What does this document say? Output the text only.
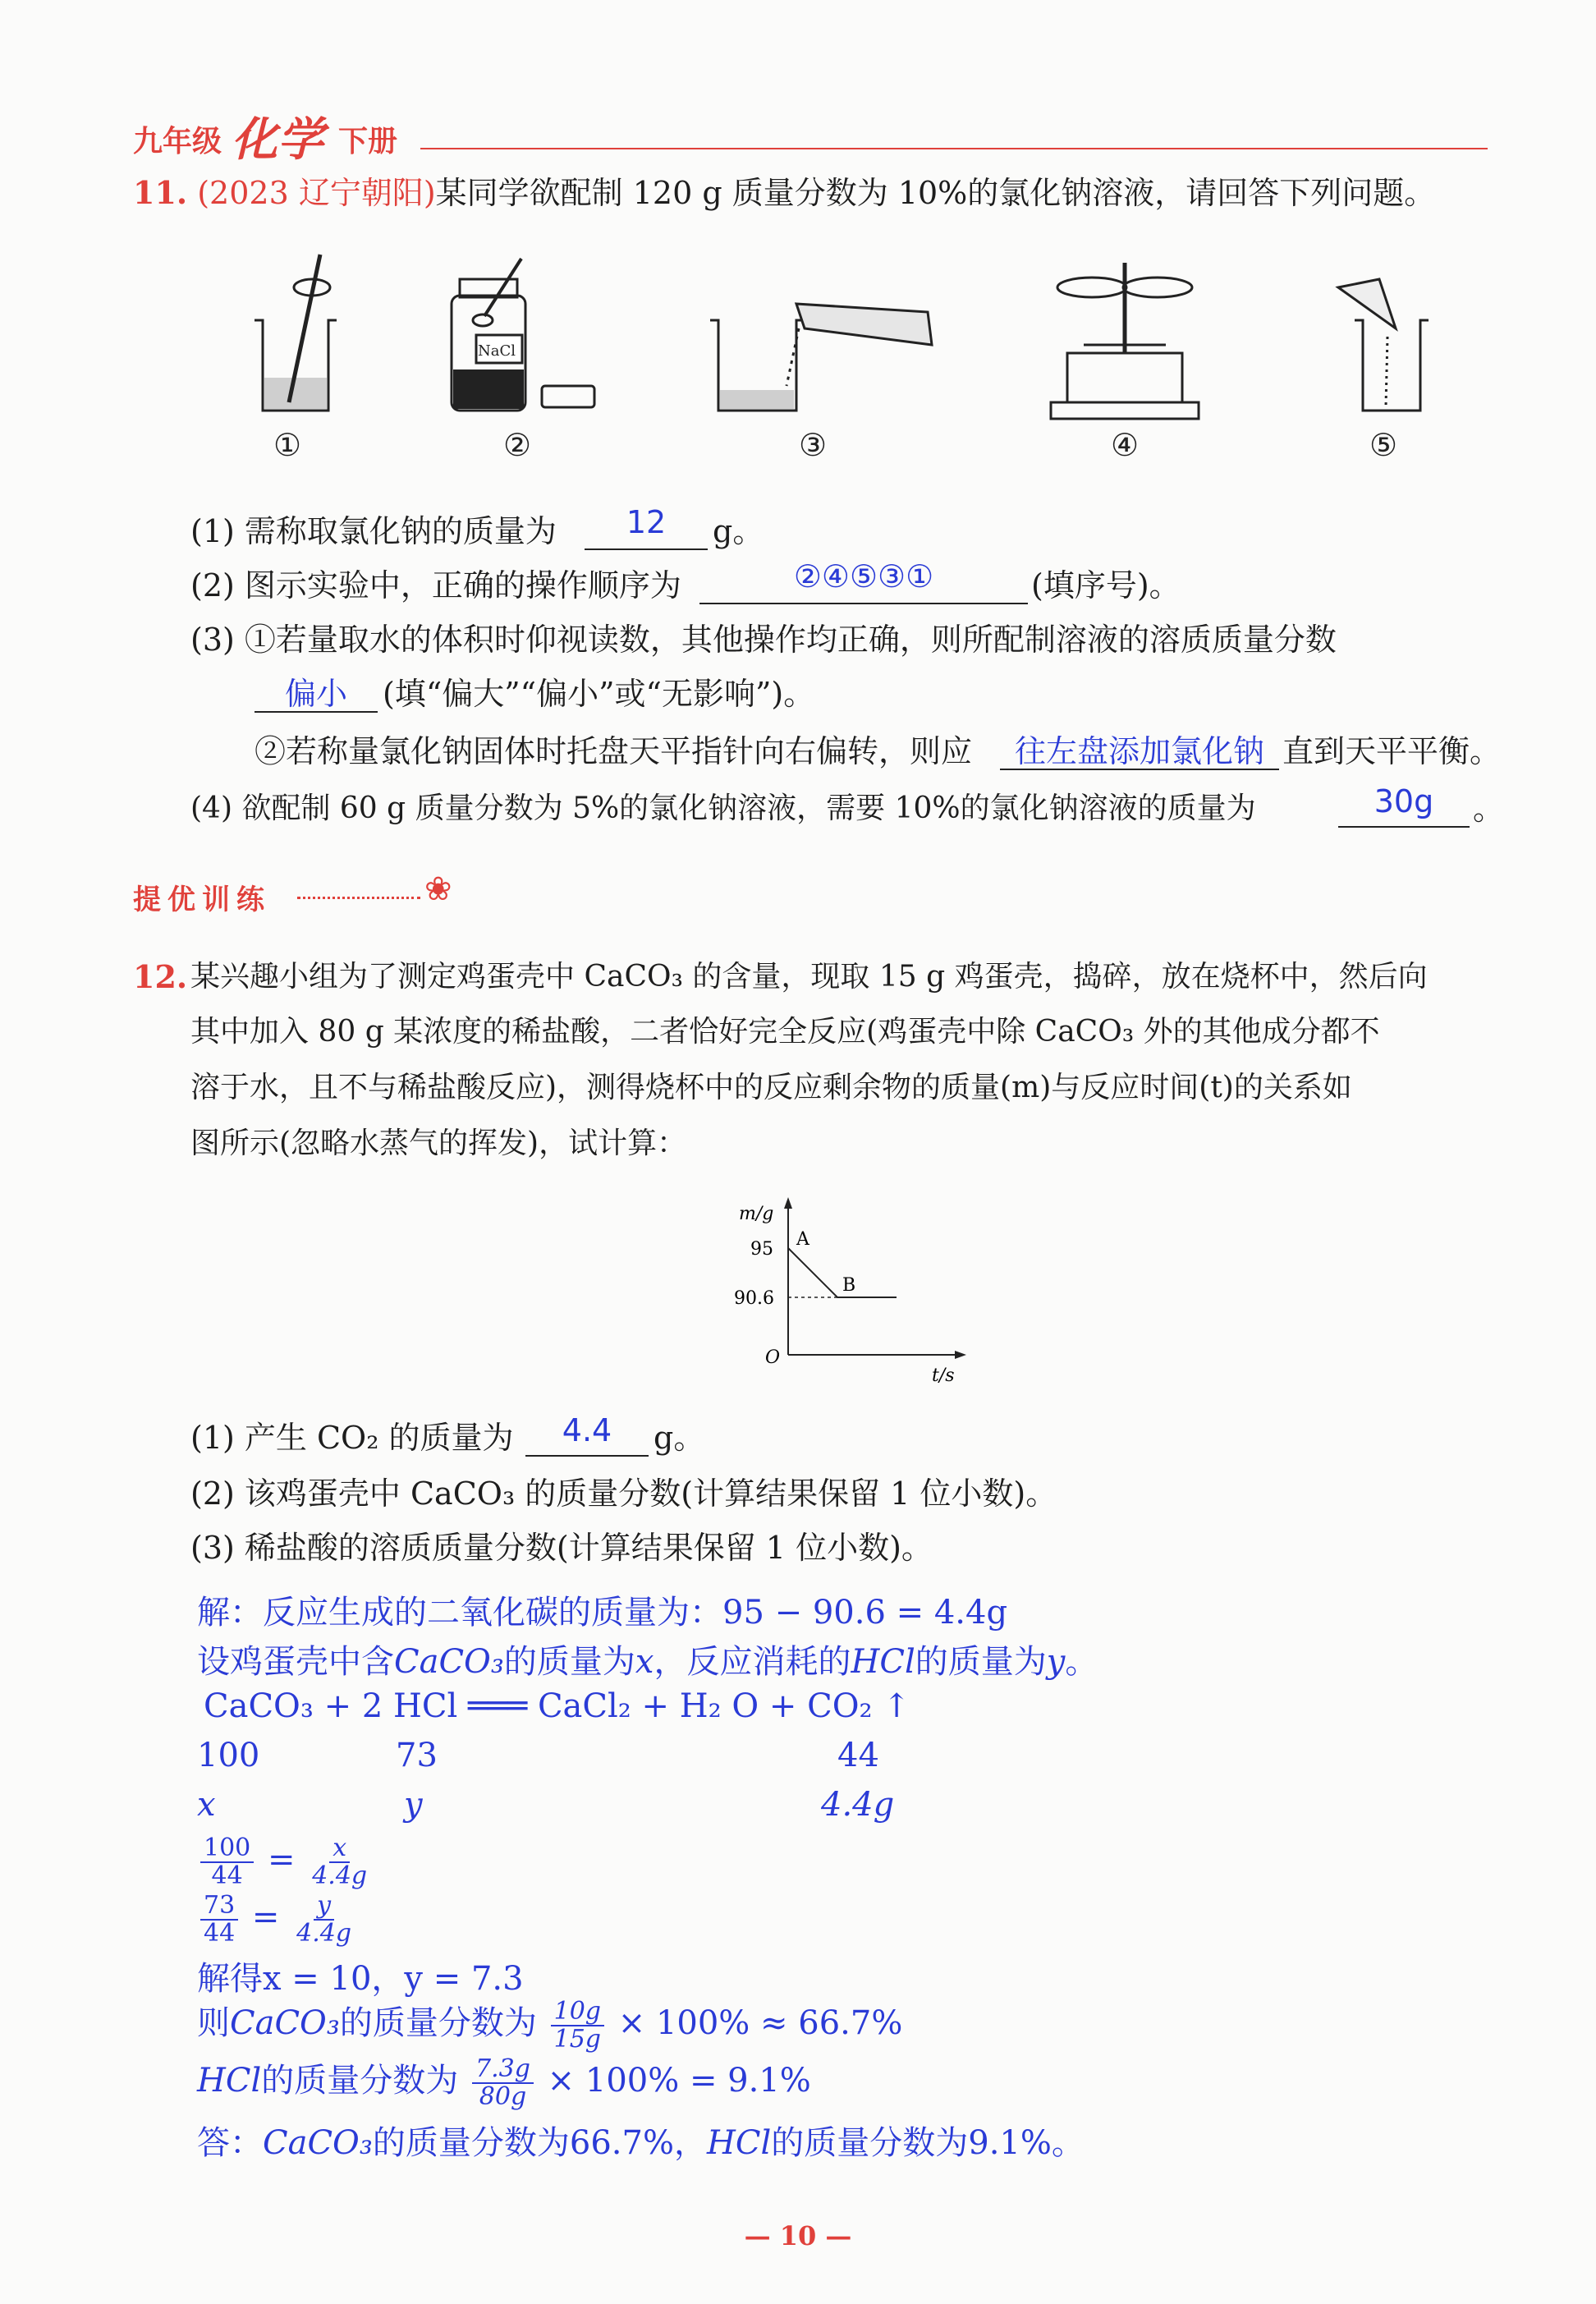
九年级 化学 下册
11. (2023 辽宁朝阳)某同学欲配制 120 g 质量分数为 10%的氯化钠溶液，请回答下列问题。
NaCl
①	②	③	④	⑤
(1) 需称取氯化钠的质量为	12	g。
(2) 图示实验中，正确的操作顺序为	②④⑤③①	(填序号)。
(3) ①若量取水的体积时仰视读数，其他操作均正确，则所配制溶液的溶质质量分数
偏小	(填“偏大”“偏小”或“无影响”)。
②若称量氯化钠固体时托盘天平指针向右偏转，则应	往左盘添加氯化钠 直到天平平衡。
(4) 欲配制 60 g 质量分数为 5%的氯化钠溶液，需要 10%的氯化钠溶液的质量为	30g	。
提优训练	❀
12. 某兴趣小组为了测定鸡蛋壳中 CaCO₃ 的含量，现取 15 g 鸡蛋壳，捣碎，放在烧杯中，然后向
其中加入 80 g 某浓度的稀盐酸，二者恰好完全反应(鸡蛋壳中除 CaCO₃ 外的其他成分都不
溶于水，且不与稀盐酸反应)，测得烧杯中的反应剩余物的质量(m)与反应时间(t)的关系如
图所示(忽略水蒸气的挥发)，试计算：
m/g
t/s
O
95
90.6
A
B
(1) 产生 CO₂ 的质量为	4.4	g。
(2) 该鸡蛋壳中 CaCO₃ 的质量分数(计算结果保留 1 位小数)。
(3) 稀盐酸的溶质质量分数(计算结果保留 1 位小数)。
解：反应生成的二氧化碳的质量为：95 − 90.6 = 4.4g
设鸡蛋壳中含CaCO₃的质量为x，反应消耗的HCl的质量为y。
CaCO₃ + 2 HCl ═══ CaCl₂ + H₂ O + CO₂ ↑
100	73	44
x	y	4.4g
$\frac{100}{44} = \frac{x}{4.4g}$
$\frac{73}{44} = \frac{y}{4.4g}$
解得x = 10，y = 7.3
则CaCO₃的质量分数为 $\frac{10g}{15g} \times 100\% \approx 66.7\%$
HCl的质量分数为 $\frac{7.3g}{80g} \times 100\% = 9.1\%$
答：CaCO₃的质量分数为66.7%，HCl的质量分数为9.1%。
— 10 —
